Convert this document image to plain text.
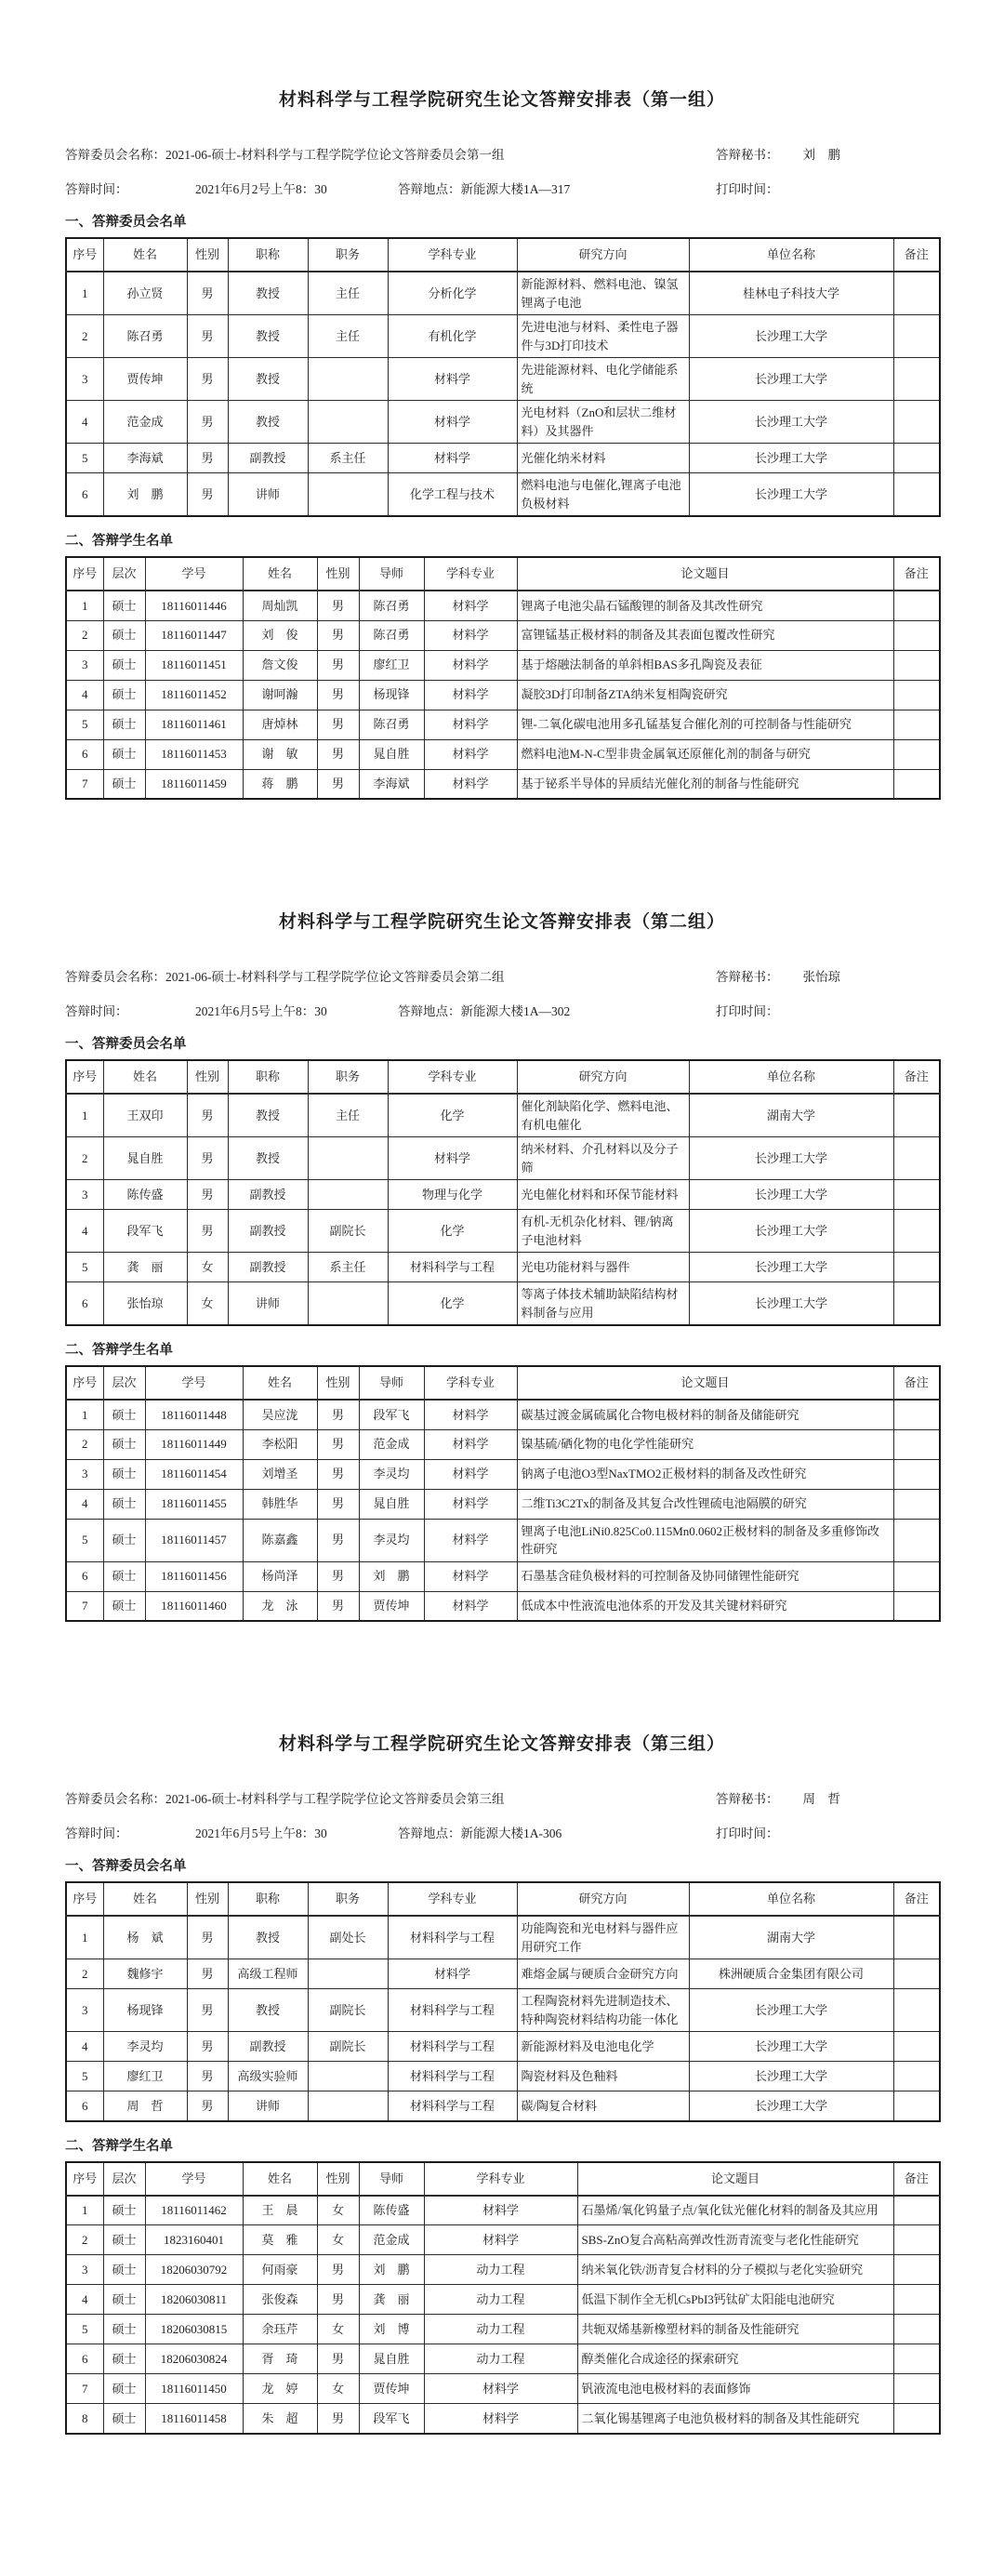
材料科学与工程学院研究生论文答辩安排表（第一组）
答辩委员会名称： 2021-06-硕士-材料科学与工程学院学位论文答辩委员会第一组	答辩秘书： 刘　鹏
答辩时间：	2021年6月2号上午8：30	答辩地点： 新能源大楼1A—317	打印时间：
一、答辩委员会名单
序号	姓名	性别	职称	职务	学科专业	研究方向	单位名称	备注
1	孙立贤	男	教授	主任	分析化学	新能源材料、燃料电池、镍氢锂离子电池	桂林电子科技大学	
2	陈召勇	男	教授	主任	有机化学	先进电池与材料、柔性电子器件与3D打印技术	长沙理工大学	
3	贾传坤	男	教授		材料学	先进能源材料、电化学储能系统	长沙理工大学	
4	范金成	男	教授		材料学	光电材料（ZnO和层状二维材料）及其器件	长沙理工大学	
5	李海斌	男	副教授	系主任	材料学	光催化纳米材料	长沙理工大学	
6	刘　鹏	男	讲师		化学工程与技术	燃料电池与电催化,锂离子电池负极材料	长沙理工大学	
二、答辩学生名单
序号	层次	学号	姓名	性别	导师	学科专业	论文题目	备注
1	硕士	18116011446	周灿凯	男	陈召勇	材料学	锂离子电池尖晶石锰酸锂的制备及其改性研究	
2	硕士	18116011447	刘　俊	男	陈召勇	材料学	富锂锰基正极材料的制备及其表面包覆改性研究	
3	硕士	18116011451	詹文俊	男	廖红卫	材料学	基于熔融法制备的单斜相BAS多孔陶瓷及表征	
4	硕士	18116011452	谢呵瀚	男	杨现锋	材料学	凝胶3D打印制备ZTA纳米复相陶瓷研究	
5	硕士	18116011461	唐焯林	男	陈召勇	材料学	锂-二氧化碳电池用多孔锰基复合催化剂的可控制备与性能研究	
6	硕士	18116011453	谢　敏	男	晁自胜	材料学	燃料电池M-N-C型非贵金属氧还原催化剂的制备与研究	
7	硕士	18116011459	蒋　鹏	男	李海斌	材料学	基于铋系半导体的异质结光催化剂的制备与性能研究	
材料科学与工程学院研究生论文答辩安排表（第二组）
答辩委员会名称： 2021-06-硕士-材料科学与工程学院学位论文答辩委员会第二组	答辩秘书： 张怡琼
答辩时间：	2021年6月5号上午8：30	答辩地点： 新能源大楼1A—302	打印时间：
一、答辩委员会名单
序号	姓名	性别	职称	职务	学科专业	研究方向	单位名称	备注
1	王双印	男	教授	主任	化学	催化剂缺陷化学、燃料电池、有机电催化	湖南大学	
2	晁自胜	男	教授		材料学	纳米材料、介孔材料以及分子筛	长沙理工大学	
3	陈传盛	男	副教授		物理与化学	光电催化材料和环保节能材料	长沙理工大学	
4	段军飞	男	副教授	副院长	化学	有机-无机杂化材料、锂/钠离子电池材料	长沙理工大学	
5	龚　丽	女	副教授	系主任	材料科学与工程	光电功能材料与器件	长沙理工大学	
6	张怡琼	女	讲师		化学	等离子体技术辅助缺陷结构材料制备与应用	长沙理工大学	
二、答辩学生名单
序号	层次	学号	姓名	性别	导师	学科专业	论文题目	备注
1	硕士	18116011448	吴应泷	男	段军飞	材料学	碳基过渡金属硫属化合物电极材料的制备及储能研究	
2	硕士	18116011449	李松阳	男	范金成	材料学	镍基硫/硒化物的电化学性能研究	
3	硕士	18116011454	刘增圣	男	李灵均	材料学	钠离子电池O3型NaxTMO2正极材料的制备及改性研究	
4	硕士	18116011455	韩胜华	男	晁自胜	材料学	二维Ti3C2Tx的制备及其复合改性锂硫电池隔膜的研究	
5	硕士	18116011457	陈嘉鑫	男	李灵均	材料学	锂离子电池LiNi0.825Co0.115Mn0.0602正极材料的制备及多重修饰改性研究	
6	硕士	18116011456	杨尚泽	男	刘　鹏	材料学	石墨基含硅负极材料的可控制备及协同储锂性能研究	
7	硕士	18116011460	龙　泳	男	贾传坤	材料学	低成本中性液流电池体系的开发及其关键材料研究	
材料科学与工程学院研究生论文答辩安排表（第三组）
答辩委员会名称： 2021-06-硕士-材料科学与工程学院学位论文答辩委员会第三组	答辩秘书： 周　哲
答辩时间：	2021年6月5号上午8：30	答辩地点： 新能源大楼1A-306	打印时间：
一、答辩委员会名单
序号	姓名	性别	职称	职务	学科专业	研究方向	单位名称	备注
1	杨　斌	男	教授	副处长	材料科学与工程	功能陶瓷和光电材料与器件应用研究工作	湖南大学	
2	魏修宇	男	高级工程师		材料学	难熔金属与硬质合金研究方向	株洲硬质合金集团有限公司	
3	杨现锋	男	教授	副院长	材料科学与工程	工程陶瓷材料先进制造技术、特种陶瓷材料结构功能一体化	长沙理工大学	
4	李灵均	男	副教授	副院长	材料科学与工程	新能源材料及电池电化学	长沙理工大学	
5	廖红卫	男	高级实验师		材料科学与工程	陶瓷材料及色釉料	长沙理工大学	
6	周　哲	男	讲师		材料科学与工程	碳/陶复合材料	长沙理工大学	
二、答辩学生名单
序号	层次	学号	姓名	性别	导师	学科专业	论文题目	备注
1	硕士	18116011462	王　晨	女	陈传盛	材料学	石墨烯/氧化钨量子点/氧化钛光催化材料的制备及其应用	
2	硕士	1823160401	莫　雅	女	范金成	材料学	SBS-ZnO复合高粘高弹改性沥青流变与老化性能研究	
3	硕士	18206030792	何雨豪	男	刘　鹏	动力工程	纳米氧化铁/沥青复合材料的分子模拟与老化实验研究	
4	硕士	18206030811	张俊森	男	龚　丽	动力工程	低温下制作全无机CsPbI3钙钛矿太阳能电池研究	
5	硕士	18206030815	余珏芹	女	刘　博	动力工程	共轭双烯基新橡塑材料的制备及性能研究	
6	硕士	18206030824	胥　琦	男	晁自胜	动力工程	醇类催化合成途径的探索研究	
7	硕士	18116011450	龙　婷	女	贾传坤	材料学	钒液流电池电极材料的表面修饰	
8	硕士	18116011458	朱　超	男	段军飞	材料学	二氧化锡基锂离子电池负极材料的制备及其性能研究	
